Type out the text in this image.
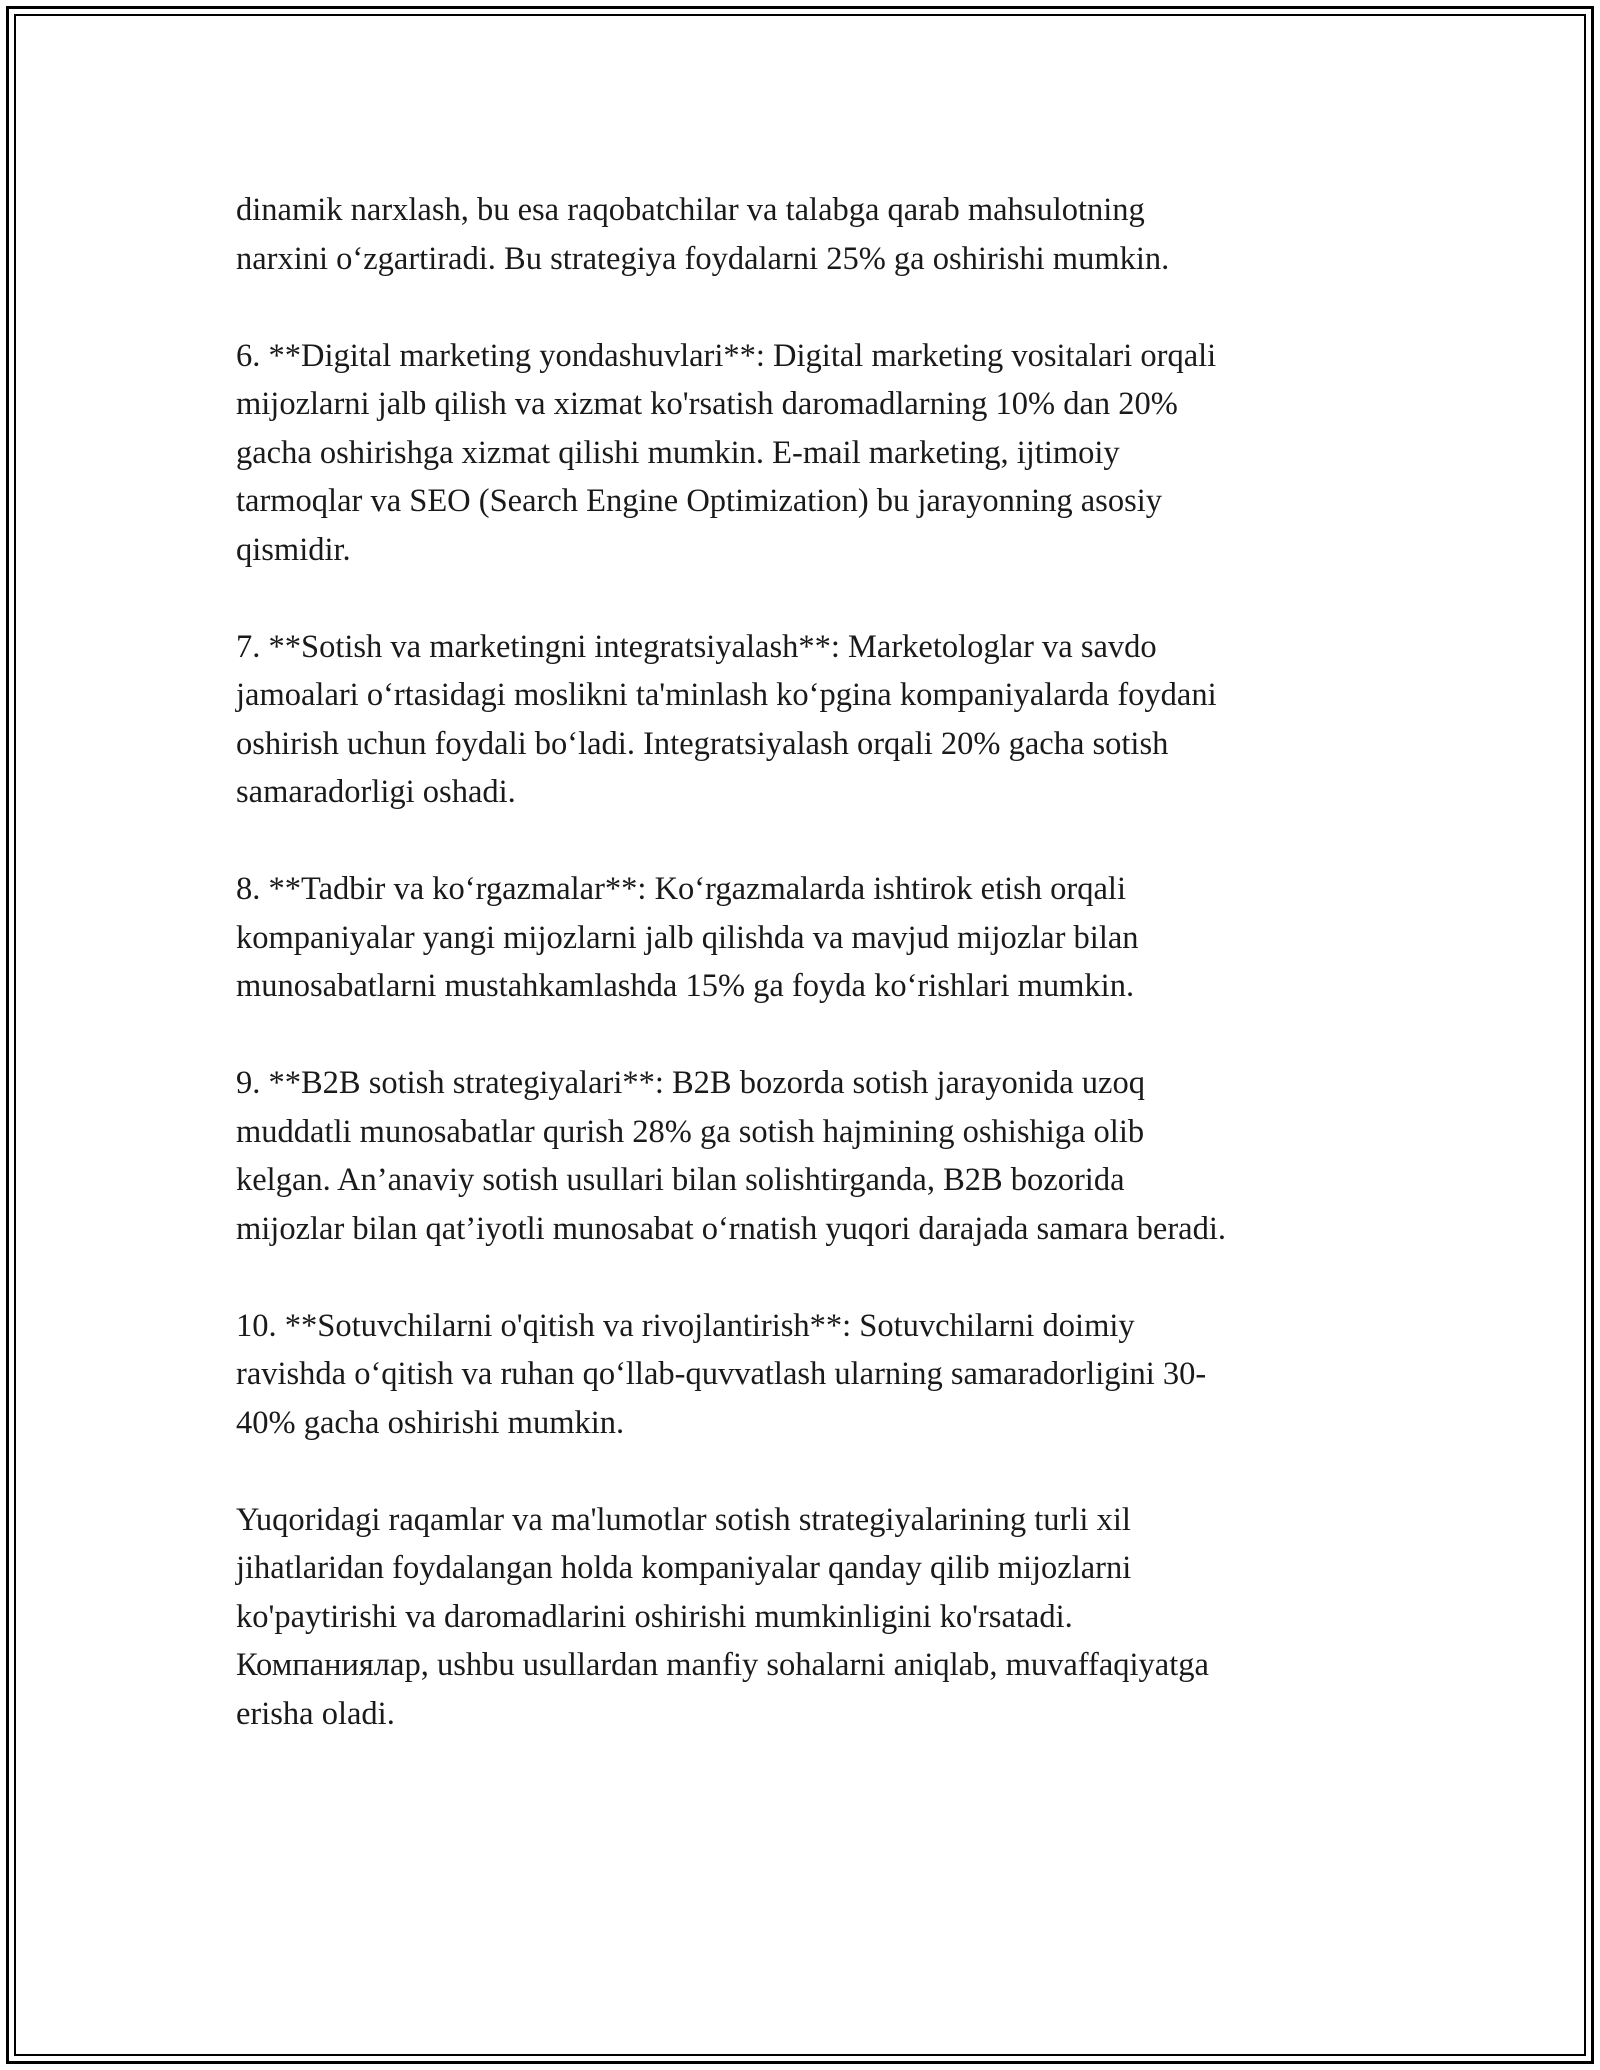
dinamik narxlash, bu esa raqobatchilar va talabga qarab mahsulotning
narxini o‘zgartiradi. Bu strategiya foydalarni 25% ga oshirishi mumkin.

6. **Digital marketing yondashuvlari**: Digital marketing vositalari orqali
mijozlarni jalb qilish va xizmat ko'rsatish daromadlarning 10% dan 20%
gacha oshirishga xizmat qilishi mumkin. E-mail marketing, ijtimoiy
tarmoqlar va SEO (Search Engine Optimization) bu jarayonning asosiy
qismidir.

7. **Sotish va marketingni integratsiyalash**: Marketologlar va savdo
jamoalari o‘rtasidagi moslikni ta'minlash ko‘pgina kompaniyalarda foydani
oshirish uchun foydali bo‘ladi. Integratsiyalash orqali 20% gacha sotish
samaradorligi oshadi.

8. **Tadbir va ko‘rgazmalar**: Ko‘rgazmalarda ishtirok etish orqali
kompaniyalar yangi mijozlarni jalb qilishda va mavjud mijozlar bilan
munosabatlarni mustahkamlashda 15% ga foyda ko‘rishlari mumkin.

9. **B2B sotish strategiyalari**: B2B bozorda sotish jarayonida uzoq
muddatli munosabatlar qurish 28% ga sotish hajmining oshishiga olib
kelgan. An’anaviy sotish usullari bilan solishtirganda, B2B bozorida
mijozlar bilan qat’iyotli munosabat o‘rnatish yuqori darajada samara beradi.

10. **Sotuvchilarni o'qitish va rivojlantirish**: Sotuvchilarni doimiy
ravishda o‘qitish va ruhan qo‘llab-quvvatlash ularning samaradorligini 30-
40% gacha oshirishi mumkin.

Yuqoridagi raqamlar va ma'lumotlar sotish strategiyalarining turli xil
jihatlaridan foydalangan holda kompaniyalar qanday qilib mijozlarni
ko'paytirishi va daromadlarini oshirishi mumkinligini ko'rsatadi.
Компаниялар, ushbu usullardan manfiy sohalarni aniqlab, muvaffaqiyatga
erisha oladi.
